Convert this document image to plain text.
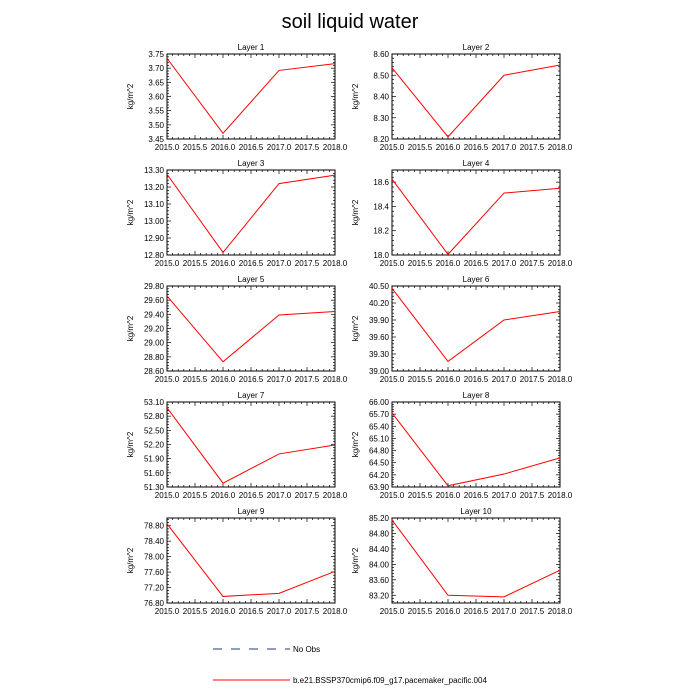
soil liquid water
Layer 1
kg/m^2
2015.0 2015.5 2016.0 2016.5 2017.0 2017.5 2018.0
3.45
3.50
3.55
3.60
3.65
3.70
3.75
Layer 2
kg/m^2
2015.0 2015.5 2016.0 2016.5 2017.0 2017.5 2018.0
8.20
8.30
8.40
8.50
8.60
Layer 3
kg/m^2
2015.0 2015.5 2016.0 2016.5 2017.0 2017.5 2018.0
12.80
12.90
13.00
13.10
13.20
13.30
Layer 4
kg/m^2
2015.0 2015.5 2016.0 2016.5 2017.0 2017.5 2018.0
18.0
18.2
18.4
18.6
Layer 5
kg/m^2
2015.0 2015.5 2016.0 2016.5 2017.0 2017.5 2018.0
28.60
28.80
29.00
29.20
29.40
29.60
29.80
Layer 6
kg/m^2
2015.0 2015.5 2016.0 2016.5 2017.0 2017.5 2018.0
39.00
39.30
39.60
39.90
40.20
40.50
Layer 7
kg/m^2
2015.0 2015.5 2016.0 2016.5 2017.0 2017.5 2018.0
51.30
51.60
51.90
52.20
52.50
52.80
53.10
Layer 8
kg/m^2
2015.0 2015.5 2016.0 2016.5 2017.0 2017.5 2018.0
63.90
64.20
64.50
64.80
65.10
65.40
65.70
66.00
Layer 9
kg/m^2
2015.0 2015.5 2016.0 2016.5 2017.0 2017.5 2018.0
76.80
77.20
77.60
78.00
78.40
78.80
Layer 10
kg/m^2
2015.0 2015.5 2016.0 2016.5 2017.0 2017.5 2018.0
83.20
83.60
84.00
84.40
84.80
85.20
No Obs
b.e21.BSSP370cmip6.f09_g17.pacemaker_pacific.004
